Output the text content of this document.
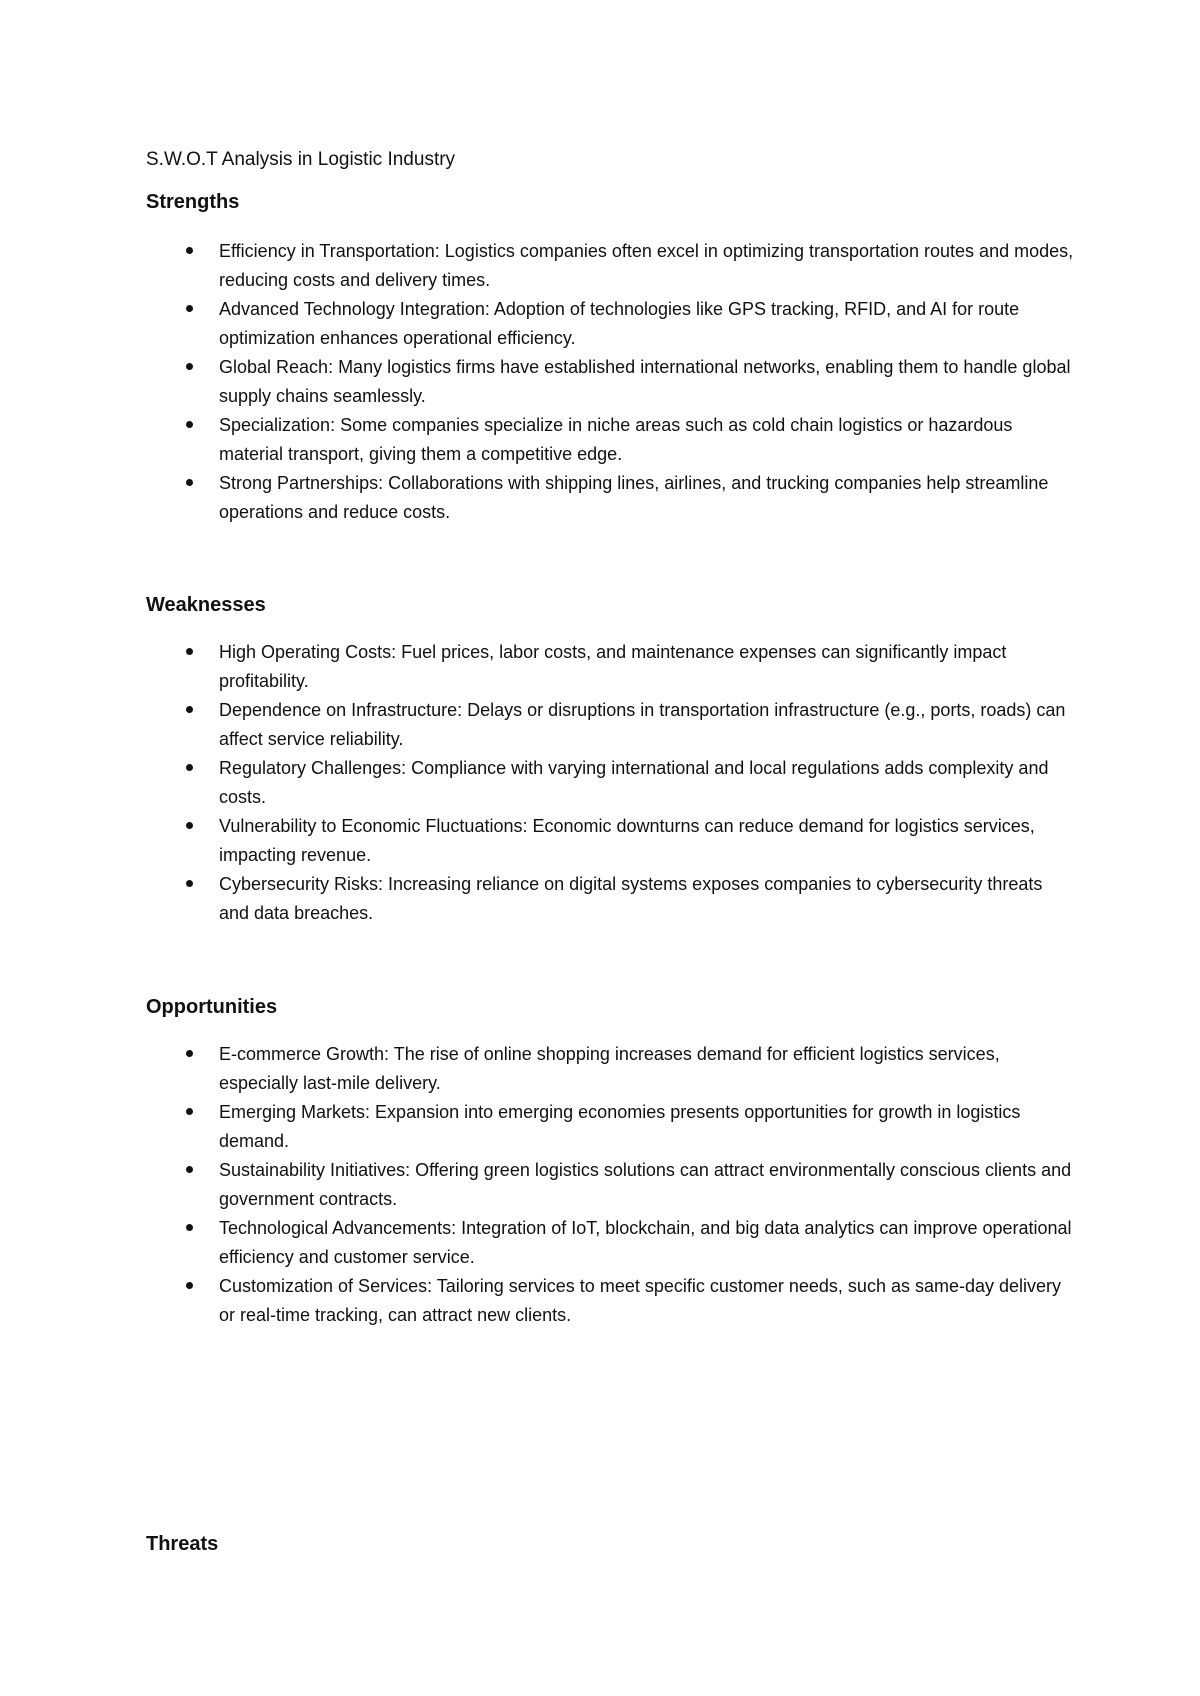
S.W.O.T Analysis in Logistic Industry
Strengths
Efficiency in Transportation: Logistics companies often excel in optimizing transportation routes and modes, reducing costs and delivery times.
Advanced Technology Integration: Adoption of technologies like GPS tracking, RFID, and AI for route optimization enhances operational efficiency.
Global Reach: Many logistics firms have established international networks, enabling them to handle global supply chains seamlessly.
Specialization: Some companies specialize in niche areas such as cold chain logistics or hazardous material transport, giving them a competitive edge.
Strong Partnerships: Collaborations with shipping lines, airlines, and trucking companies help streamline operations and reduce costs.
Weaknesses
High Operating Costs: Fuel prices, labor costs, and maintenance expenses can significantly impact profitability.
Dependence on Infrastructure: Delays or disruptions in transportation infrastructure (e.g., ports, roads) can affect service reliability.
Regulatory Challenges: Compliance with varying international and local regulations adds complexity and costs.
Vulnerability to Economic Fluctuations: Economic downturns can reduce demand for logistics services, impacting revenue.
Cybersecurity Risks: Increasing reliance on digital systems exposes companies to cybersecurity threats and data breaches.
Opportunities
E-commerce Growth: The rise of online shopping increases demand for efficient logistics services, especially last-mile delivery.
Emerging Markets: Expansion into emerging economies presents opportunities for growth in logistics demand.
Sustainability Initiatives: Offering green logistics solutions can attract environmentally conscious clients and government contracts.
Technological Advancements: Integration of IoT, blockchain, and big data analytics can improve operational efficiency and customer service.
Customization of Services: Tailoring services to meet specific customer needs, such as same-day delivery or real-time tracking, can attract new clients.
Threats
